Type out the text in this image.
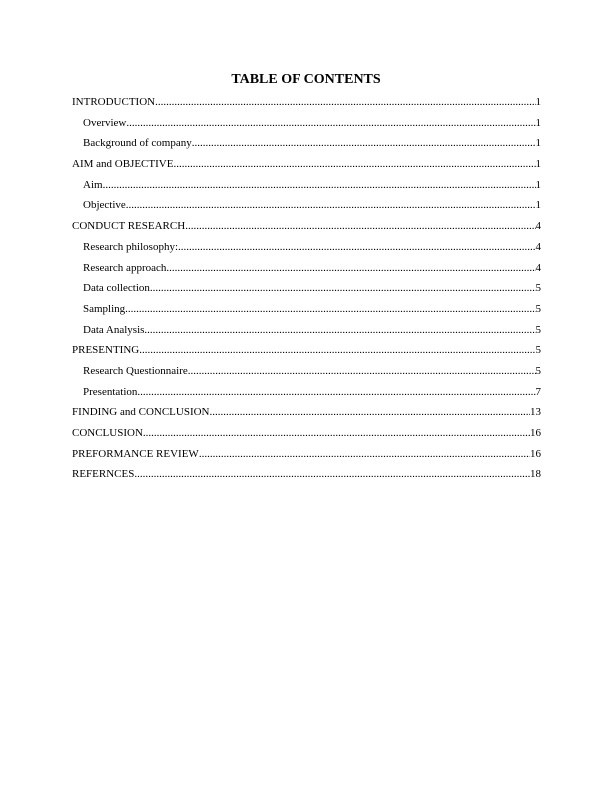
TABLE OF CONTENTS
INTRODUCTION .....	1
Overview .....	1
Background of company .....	1
AIM and OBJECTIVE .....	1
Aim .....	1
Objective .....	1
CONDUCT RESEARCH .....	4
Research philosophy: .....	4
Research approach .....	4
Data collection .....	5
Sampling .....	5
Data Analysis .....	5
PRESENTING .....	5
Research Questionnaire .....	5
Presentation .....	7
FINDING and CONCLUSION .....	13
CONCLUSION .....	16
PREFORMANCE REVIEW .....	16
REFERNCES .....	18
